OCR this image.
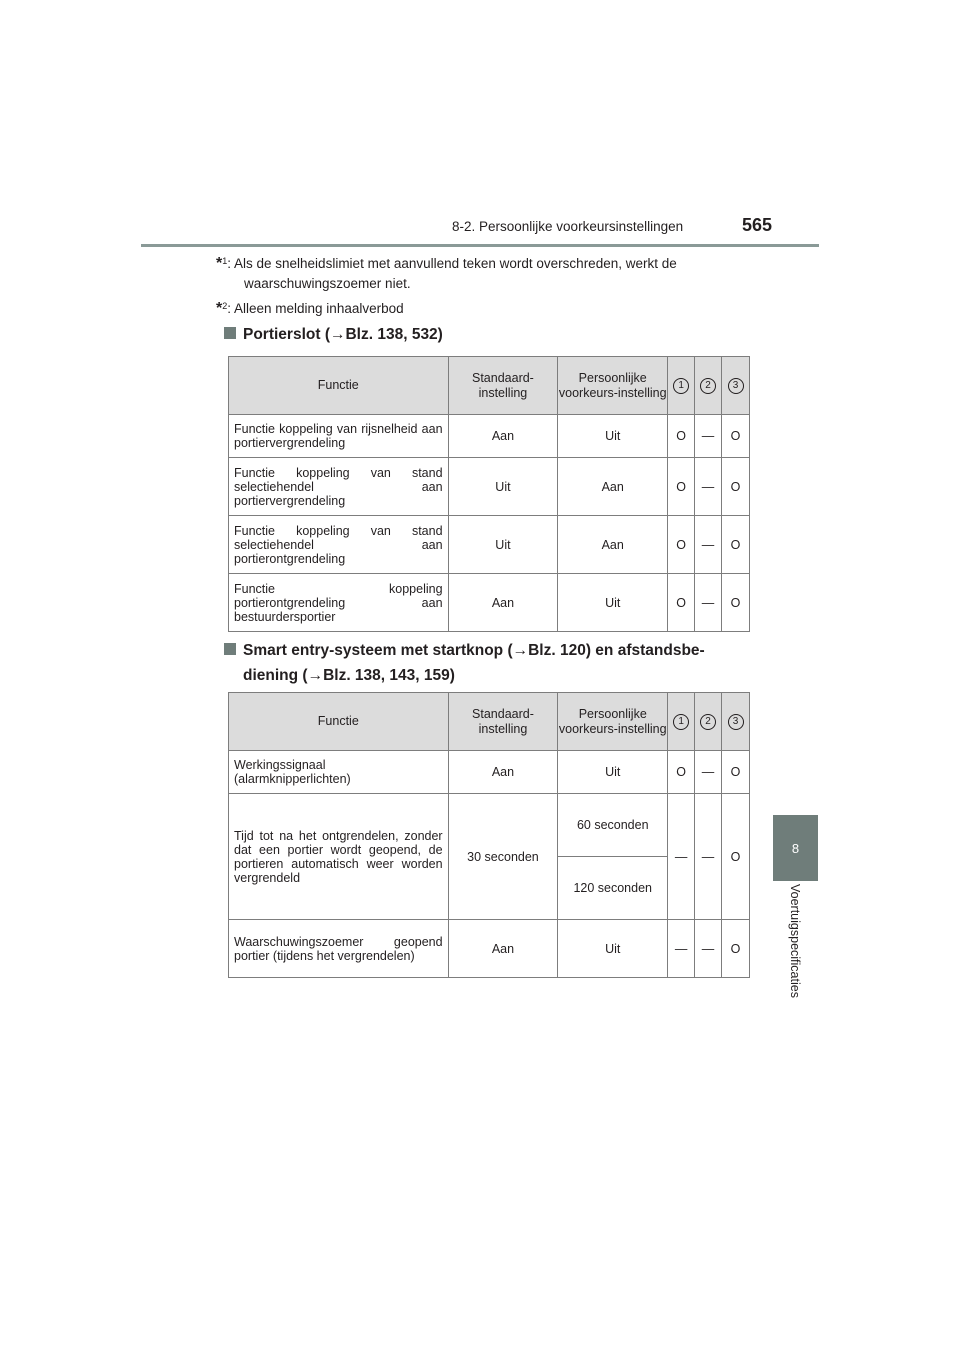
8-2. Persoonlijke voorkeursinstellingen	565
8
Voertuigspecificaties
*$^1$: Als de snelheidslimiet met aanvullend teken wordt overschreden, werkt de
waarschuwingszoemer niet.
*$^2$: Alleen melding inhaalverbod
Portierslot (→Blz. 138, 532)
Functie	Standaard-instelling	Persoonlijke voorkeurs-instelling	1	2	3
Functie koppeling van rijsnelheid aan portiervergrendeling	Aan	Uit	O	—	O
Functie koppeling van stand selectiehendel aan portiervergrendeling	Uit	Aan	O	—	O
Functie koppeling van stand selectiehendel aan portierontgrendeling	Uit	Aan	O	—	O
Functie koppeling portierontgrendeling aan bestuurdersportier	Aan	Uit	O	—	O
Smart entry-systeem met startknop (→Blz. 120) en afstandsbe-
diening (→Blz. 138, 143, 159)
Functie	Standaard-instelling	Persoonlijke voorkeurs-instelling	1	2	3
Werkingssignaal (alarmknipperlichten)	Aan	Uit	O	—	O
Tijd tot na het ontgrendelen, zonder dat een portier wordt geopend, de portieren automatisch weer worden vergrendeld	30 seconden	60 seconden	—	—	O
		120 seconden			
Waarschuwingszoemer geopend portier (tijdens het vergrendelen)	Aan	Uit	—	—	O
